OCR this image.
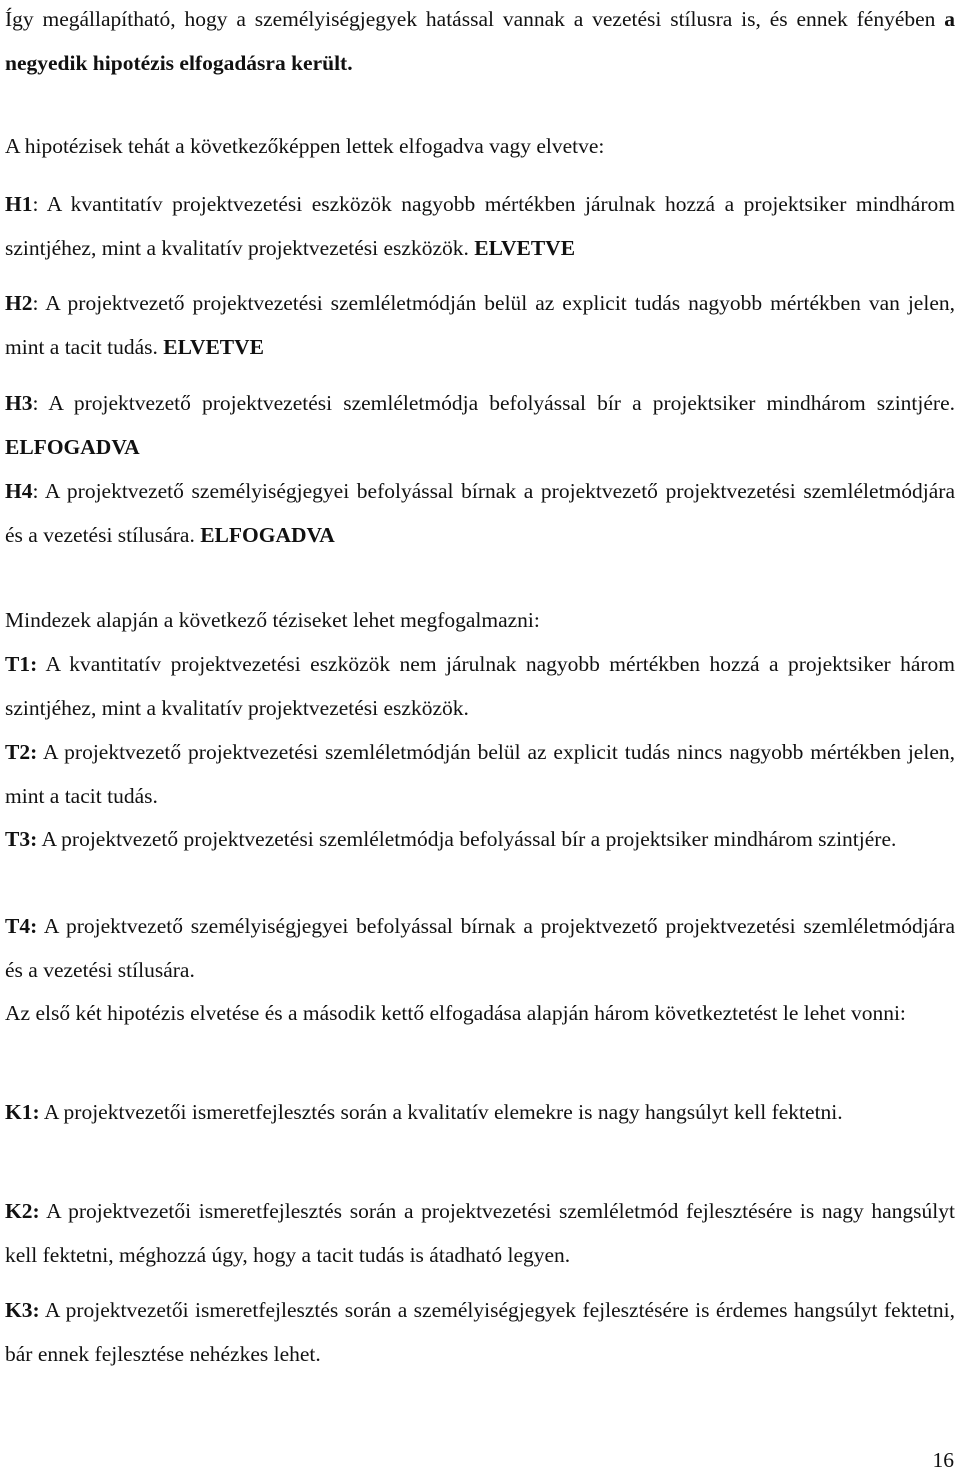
Így megállapítható, hogy a személyiségjegyek hatással vannak a vezetési stílusra is, és ennek fényében a negyedik hipotézis elfogadásra került.

A hipotézisek tehát a következőképpen lettek elfogadva vagy elvetve:

H1: A kvantitatív projektvezetési eszközök nagyobb mértékben járulnak hozzá a projektsiker mindhárom szintjéhez, mint a kvalitatív projektvezetési eszközök. ELVETVE

H2: A projektvezető projektvezetési szemléletmódján belül az explicit tudás nagyobb mértékben van jelen, mint a tacit tudás. ELVETVE

H3: A projektvezető projektvezetési szemléletmódja befolyással bír a projektsiker mindhárom szintjére. ELFOGADVA

H4: A projektvezető személyiségjegyei befolyással bírnak a projektvezető projektvezetési szemléletmódjára és a vezetési stílusára. ELFOGADVA

Mindezek alapján a következő téziseket lehet megfogalmazni:

T1: A kvantitatív projektvezetési eszközök nem járulnak nagyobb mértékben hozzá a projektsiker három szintjéhez, mint a kvalitatív projektvezetési eszközök.

T2: A projektvezető projektvezetési szemléletmódján belül az explicit tudás nincs nagyobb mértékben jelen, mint a tacit tudás.

T3: A projektvezető projektvezetési szemléletmódja befolyással bír a projektsiker mindhárom szintjére.

T4: A projektvezető személyiségjegyei befolyással bírnak a projektvezető projektvezetési szemléletmódjára és a vezetési stílusára.

Az első két hipotézis elvetése és a második kettő elfogadása alapján három következtetést le lehet vonni:

K1: A projektvezetői ismeretfejlesztés során a kvalitatív elemekre is nagy hangsúlyt kell fektetni.

K2: A projektvezetői ismeretfejlesztés során a projektvezetési szemléletmód fejlesztésére is nagy hangsúlyt kell fektetni, méghozzá úgy, hogy a tacit tudás is átadható legyen.

K3: A projektvezetői ismeretfejlesztés során a személyiségjegyek fejlesztésére is érdemes hangsúlyt fektetni, bár ennek fejlesztése nehézkes lehet.

16
